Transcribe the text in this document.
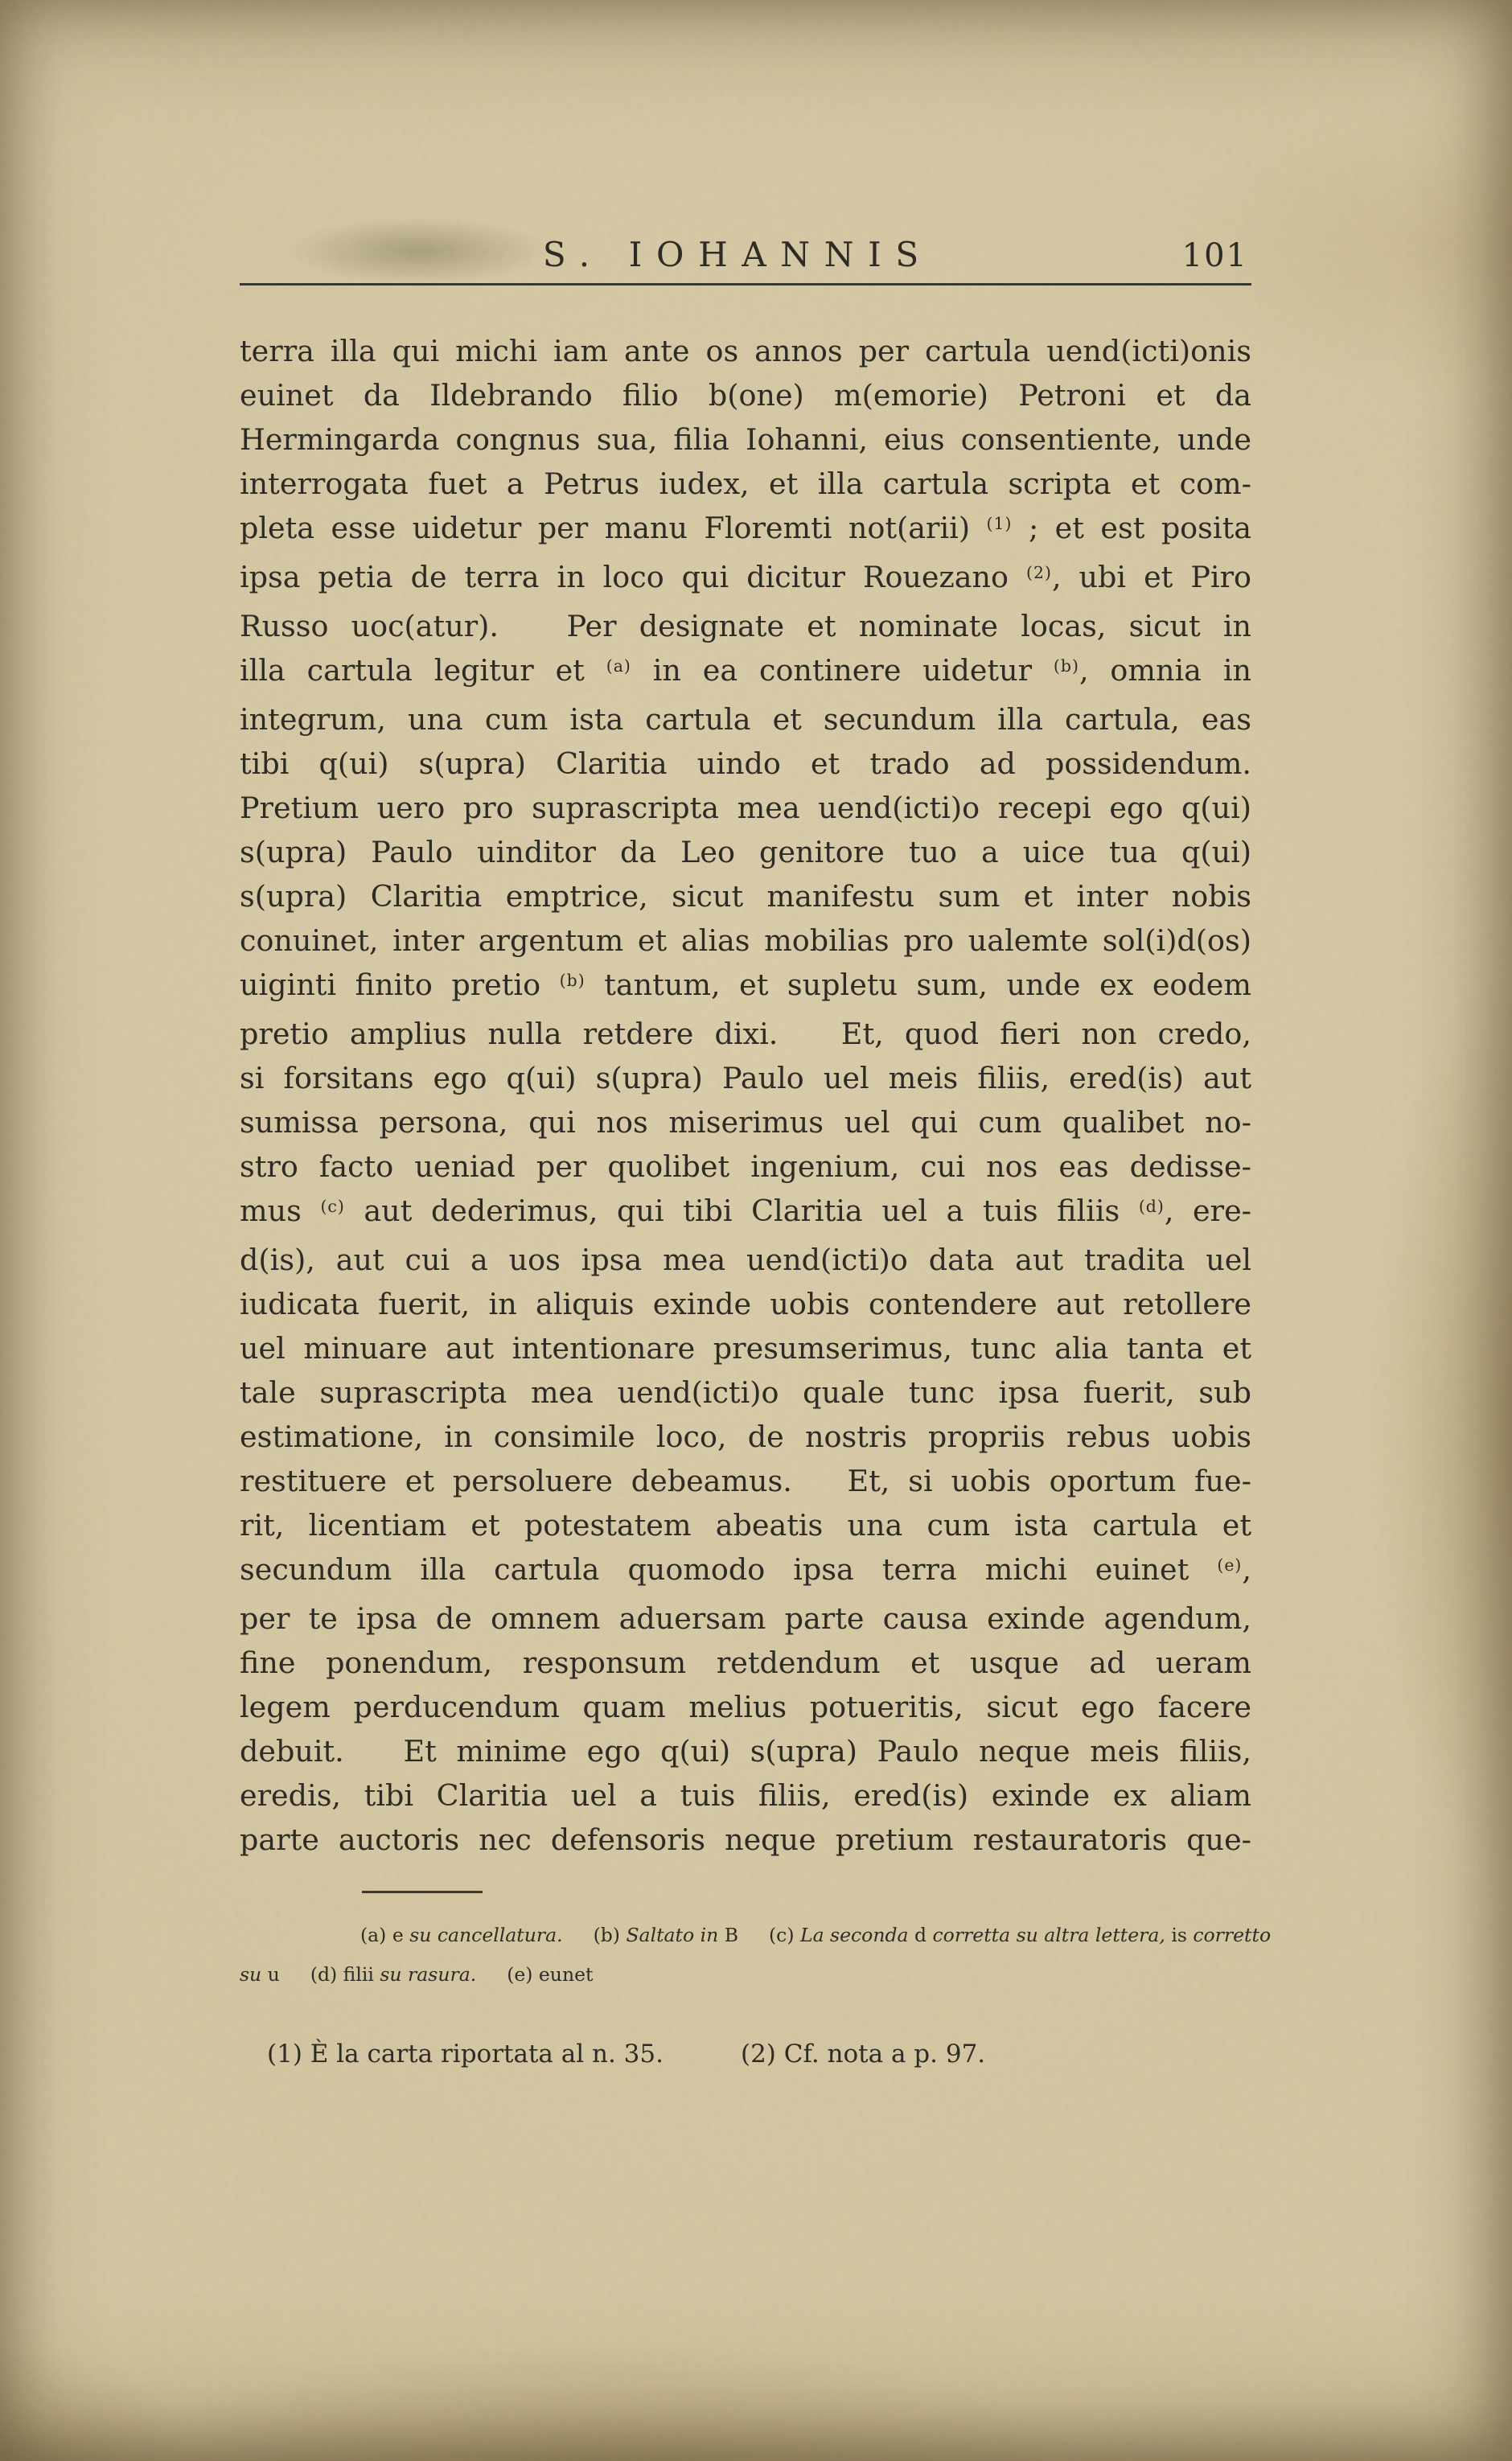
S. IOHANNIS	101
terra illa qui michi iam ante os annos per cartula uend(icti)onis
euinet da Ildebrando filio b(one) m(emorie) Petroni et da
Hermingarda congnus sua, filia Iohanni, eius consentiente, unde
interrogata fuet a Petrus iudex, et illa cartula scripta et com-
pleta esse uidetur per manu Floremti not(arii) $^{(1)}$ ; et est posita
ipsa petia de terra in loco qui dicitur Rouezano $^{(2)}$, ubi et Piro
Russo uoc(atur).   Per designate et nominate locas, sicut in
illa cartula legitur et $^{(a)}$ in ea continere uidetur $^{(b)}$, omnia in
integrum, una cum ista cartula et secundum illa cartula, eas
tibi q(ui) s(upra) Claritia uindo et trado ad possidendum.
Pretium uero pro suprascripta mea uend(icti)o recepi ego q(ui)
s(upra) Paulo uinditor da Leo genitore tuo a uice tua q(ui)
s(upra) Claritia emptrice, sicut manifestu sum et inter nobis
conuinet, inter argentum et alias mobilias pro ualemte sol(i)d(os)
uiginti finito pretio $^{(b)}$ tantum, et supletu sum, unde ex eodem
pretio amplius nulla retdere dixi.   Et, quod fieri non credo,
si forsitans ego q(ui) s(upra) Paulo uel meis filiis, ered(is) aut
sumissa persona, qui nos miserimus uel qui cum qualibet no-
stro facto ueniad per quolibet ingenium, cui nos eas dedisse-
mus $^{(c)}$ aut dederimus, qui tibi Claritia uel a tuis filiis $^{(d)}$, ere-
d(is), aut cui a uos ipsa mea uend(icti)o data aut tradita uel
iudicata fuerit, in aliquis exinde uobis contendere aut retollere
uel minuare aut intentionare presumserimus, tunc alia tanta et
tale suprascripta mea uend(icti)o quale tunc ipsa fuerit, sub
estimatione, in consimile loco, de nostris propriis rebus uobis
restituere et persoluere debeamus.   Et, si uobis oportum fue-
rit, licentiam et potestatem abeatis una cum ista cartula et
secundum illa cartula quomodo ipsa terra michi euinet $^{(e)}$,
per te ipsa de omnem aduersam parte causa exinde agendum,
fine ponendum, responsum retdendum et usque ad ueram
legem perducendum quam melius potueritis, sicut ego facere
debuit.   Et minime ego q(ui) s(upra) Paulo neque meis filiis,
eredis, tibi Claritia uel a tuis filiis, ered(is) exinde ex aliam
parte auctoris nec defensoris neque pretium restauratoris que-
(a) e su cancellatura. (b) Saltato in B (c) La seconda d corretta su altra lettera, is corretto
su u (d) filii su rasura. (e) eunet
(1) È la carta riportata al n. 35.	(2) Cf. nota a p. 97.
